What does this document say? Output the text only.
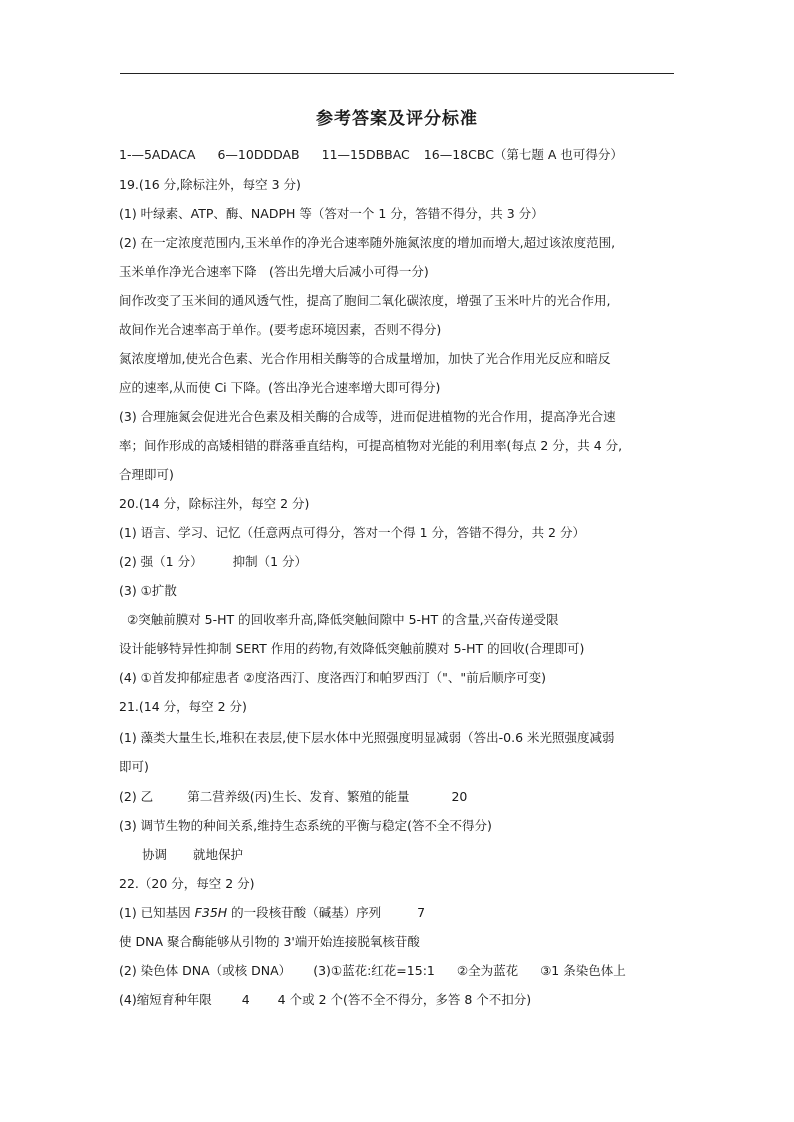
参考答案及评分标准
1-—5ADACA 6—10DDDAB 11—15DBBAC 16—18CBC（第七题 A 也可得分）
19.(16 分,除标注外，每空 3 分)
(1) 叶绿素、ATP、酶、NADPH 等（答对一个 1 分，答错不得分，共 3 分）
(2) 在一定浓度范围内,玉米单作的净光合速率随外施氮浓度的增加而增大,超过该浓度范围,
玉米单作净光合速率下降　(答出先增大后减小可得一分)
间作改变了玉米间的通风透气性，提高了胞间二氧化碳浓度，增强了玉米叶片的光合作用,
故间作光合速率高于单作。(要考虑环境因素，否则不得分)
氮浓度增加,使光合色素、光合作用相关酶等的合成量增加，加快了光合作用光反应和暗反
应的速率,从而使 Ci 下降。(答出净光合速率增大即可得分)
(3) 合理施氮会促进光合色素及相关酶的合成等，进而促进植物的光合作用，提高净光合速
率；间作形成的高矮相错的群落垂直结构，可提高植物对光能的利用率(每点 2 分，共 4 分,
合理即可)
20.(14 分，除标注外，每空 2 分)
(1) 语言、学习、记忆（任意两点可得分，答对一个得 1 分，答错不得分，共 2 分）
(2) 强（1 分） 抑制（1 分）
(3) ①扩散
②突触前膜对 5-HT 的回收率升高,降低突触间隙中 5-HT 的含量,兴奋传递受限
设计能够特异性抑制 SERT 作用的药物,有效降低突触前膜对 5-HT 的回收(合理即可)
(4) ①首发抑郁症患者 ②度洛西汀、度洛西汀和帕罗西汀（"、"前后顺序可变)
21.(14 分，每空 2 分)
(1) 藻类大量生长,堆积在表层,使下层水体中光照强度明显减弱（答出-0.6 米光照强度减弱
即可)
(2) 乙	第二营养级(丙)生长、发育、繁殖的能量	20
(3) 调节生物的种间关系,维持生态系统的平衡与稳定(答不全不得分)
协调 就地保护
22.（20 分，每空 2 分)
(1) 已知基因 F35H 的一段核苷酸（碱基）序列	7
使 DNA 聚合酶能够从引物的 3'端开始连接脱氧核苷酸
(2) 染色体 DNA（或核 DNA） (3)①蓝花:红花=15:1 ②全为蓝花 ③1 条染色体上
(4)缩短育种年限 4 4 个或 2 个(答不全不得分，多答 8 个不扣分)
